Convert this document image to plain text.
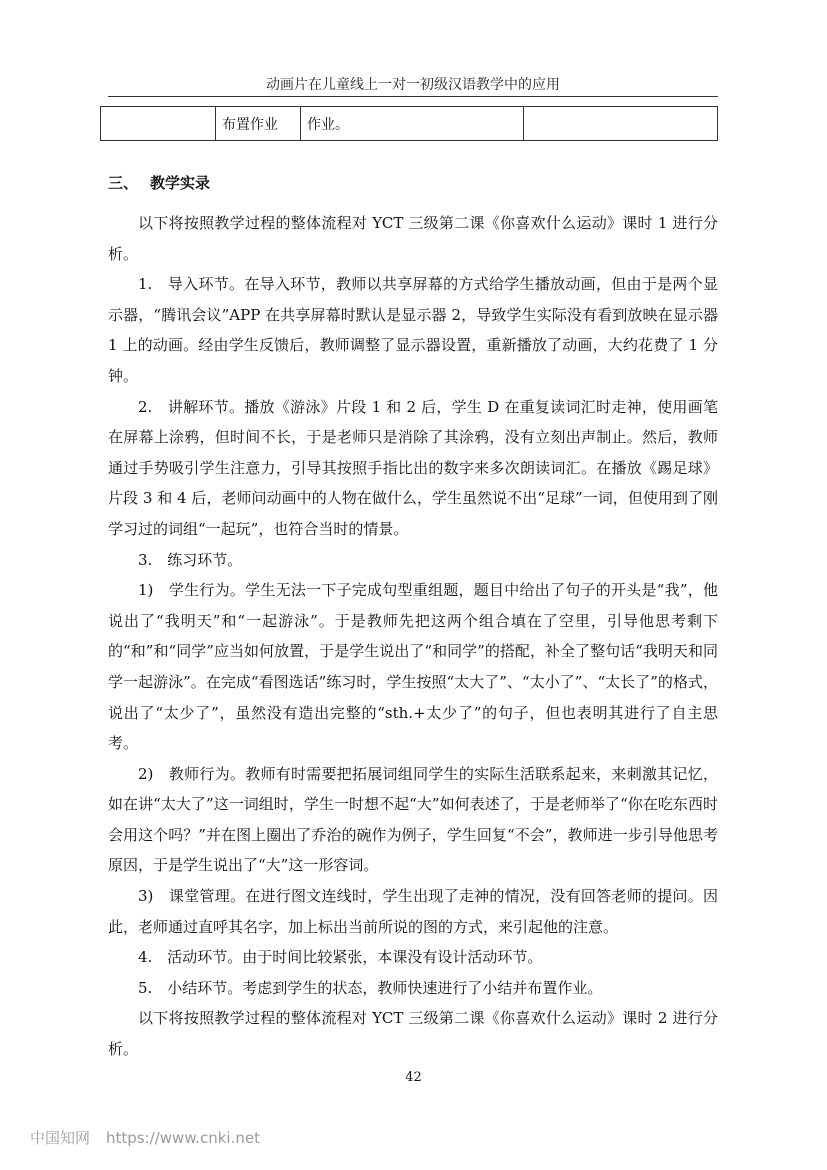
动画片在儿童线上一对一初级汉语教学中的应用
	布置作业	作业。	
三、 教学实录

以下将按照教学过程的整体流程对 YCT 三级第二课《你喜欢什么运动》课时 1 进行分析。

1.　导入环节。在导入环节，教师以共享屏幕的方式给学生播放动画，但由于是两个显示器，“腾讯会议”APP 在共享屏幕时默认是显示器 2，导致学生实际没有看到放映在显示器 1 上的动画。经由学生反馈后，教师调整了显示器设置，重新播放了动画，大约花费了 1 分钟。

2.　讲解环节。播放《游泳》片段 1 和 2 后，学生 D 在重复读词汇时走神，使用画笔在屏幕上涂鸦，但时间不长，于是老师只是消除了其涂鸦，没有立刻出声制止。然后，教师通过手势吸引学生注意力，引导其按照手指比出的数字来多次朗读词汇。在播放《踢足球》片段 3 和 4 后，老师问动画中的人物在做什么，学生虽然说不出“足球”一词，但使用到了刚学习过的词组“一起玩”，也符合当时的情景。

3.　练习环节。

1)　学生行为。学生无法一下子完成句型重组题，题目中给出了句子的开头是“我”，他说出了“我明天”和“一起游泳”。于是教师先把这两个组合填在了空里，引导他思考剩下的“和”和“同学”应当如何放置，于是学生说出了“和同学”的搭配，补全了整句话“我明天和同学一起游泳”。在完成“看图选话”练习时，学生按照“太大了”、“太小了”、“太长了”的格式，说出了“太少了”，虽然没有造出完整的“sth.+太少了”的句子，但也表明其进行了自主思考。

2)　教师行为。教师有时需要把拓展词组同学生的实际生活联系起来，来刺激其记忆，如在讲“太大了”这一词组时，学生一时想不起“大”如何表述了，于是老师举了“你在吃东西时会用这个吗？”并在图上圈出了乔治的碗作为例子，学生回复“不会”，教师进一步引导他思考原因，于是学生说出了“大”这一形容词。

3)　课堂管理。在进行图文连线时，学生出现了走神的情况，没有回答老师的提问。因此，老师通过直呼其名字，加上标出当前所说的图的方式，来引起他的注意。

4.　活动环节。由于时间比较紧张，本课没有设计活动环节。

5.　小结环节。考虑到学生的状态，教师快速进行了小结并布置作业。

以下将按照教学过程的整体流程对 YCT 三级第二课《你喜欢什么运动》课时 2 进行分析。

42
中国知网 https://www.cnki.net
